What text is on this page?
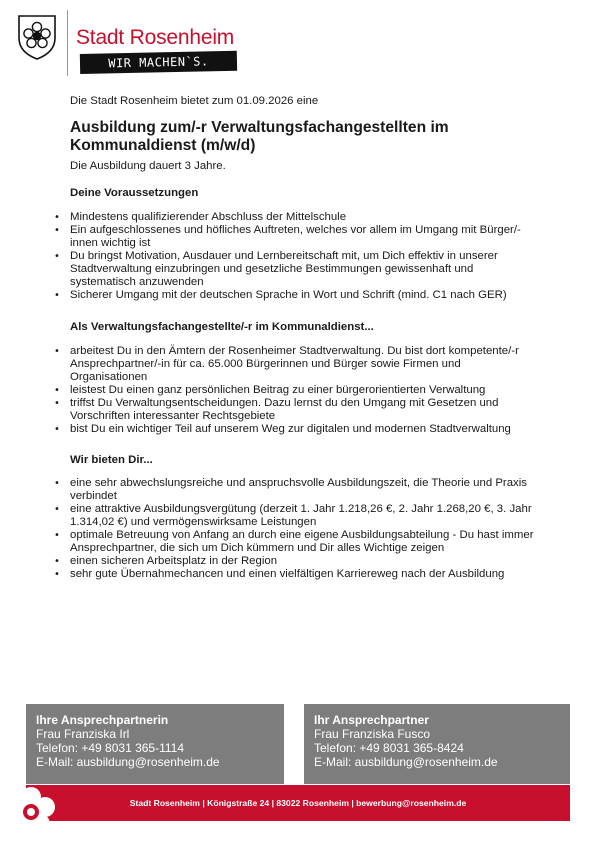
Stadt Rosenheim
WIR MACHEN`S.

Die Stadt Rosenheim bietet zum 01.09.2026 eine

Ausbildung zum/-r Verwaltungsfachangestellten im Kommunaldienst (m/w/d)

Die Ausbildung dauert 3 Jahre.

Deine Voraussetzungen
• Mindestens qualifizierender Abschluss der Mittelschule
• Ein aufgeschlossenes und höfliches Auftreten, welches vor allem im Umgang mit Bürger/-innen wichtig ist
• Du bringst Motivation, Ausdauer und Lernbereitschaft mit, um Dich effektiv in unserer Stadtverwaltung einzubringen und gesetzliche Bestimmungen gewissenhaft und systematisch anzuwenden
• Sicherer Umgang mit der deutschen Sprache in Wort und Schrift (mind. C1 nach GER)
Als Verwaltungsfachangestellte/-r im Kommunaldienst...
• arbeitest Du in den Ämtern der Rosenheimer Stadtverwaltung. Du bist dort kompetente/-r Ansprechpartner/-in für ca. 65.000 Bürgerinnen und Bürger sowie Firmen und Organisationen
• leistest Du einen ganz persönlichen Beitrag zu einer bürgerorientierten Verwaltung
• triffst Du Verwaltungsentscheidungen. Dazu lernst du den Umgang mit Gesetzen und Vorschriften interessanter Rechtsgebiete
• bist Du ein wichtiger Teil auf unserem Weg zur digitalen und modernen Stadtverwaltung
Wir bieten Dir...
• eine sehr abwechslungsreiche und anspruchsvolle Ausbildungszeit, die Theorie und Praxis verbindet
• eine attraktive Ausbildungsvergütung (derzeit 1. Jahr 1.218,26 €, 2. Jahr 1.268,20 €, 3. Jahr 1.314,02 €) und vermögenswirksame Leistungen
• optimale Betreuung von Anfang an durch eine eigene Ausbildungsabteilung - Du hast immer Ansprechpartner, die sich um Dich kümmern und Dir alles Wichtige zeigen
• einen sicheren Arbeitsplatz in der Region
• sehr gute Übernahmechancen und einen vielfältigen Karriereweg nach der Ausbildung
Ihre Ansprechpartnerin
Frau Franziska Irl
Telefon: +49 8031 365-1114
E-Mail: ausbildung@rosenheim.de
Ihr Ansprechpartner
Frau Franziska Fusco
Telefon: +49 8031 365-8424
E-Mail: ausbildung@rosenheim.de
Stadt Rosenheim | Königstraße 24 | 83022 Rosenheim | bewerbung@rosenheim.de
